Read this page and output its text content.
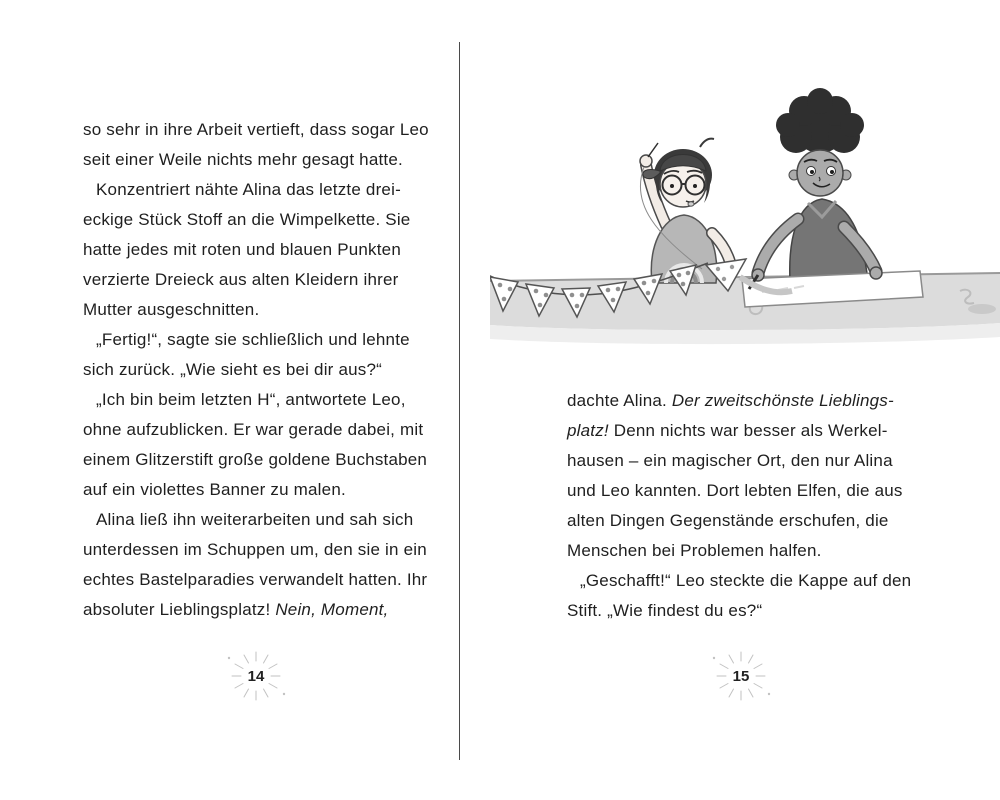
so sehr in ihre Arbeit vertieft, dass sogar Leo
seit einer Weile nichts mehr gesagt hatte.
Konzentriert nähte Alina das letzte drei-
eckige Stück Stoff an die Wimpelkette. Sie
hatte jedes mit roten und blauen Punkten
verzierte Dreieck aus alten Kleidern ihrer
Mutter ausgeschnitten.
„Fertig!“, sagte sie schließlich und lehnte
sich zurück. „Wie sieht es bei dir aus?“
„Ich bin beim letzten H“, antwortete Leo,
ohne aufzublicken. Er war gerade dabei, mit
einem Glitzerstift große goldene Buchstaben
auf ein violettes Banner zu malen.
Alina ließ ihn weiterarbeiten und sah sich
unterdessen im Schuppen um, den sie in ein
echtes Bastelparadies verwandelt hatten. Ihr
absoluter Lieblingsplatz! Nein, Moment,
14
dachte Alina. Der zweitschönste Lieblings-
platz! Denn nichts war besser als Werkel-
hausen – ein magischer Ort, den nur Alina
und Leo kannten. Dort lebten Elfen, die aus
alten Dingen Gegenstände erschufen, die
Menschen bei Problemen halfen.
„Geschafft!“ Leo steckte die Kappe auf den
Stift. „Wie findest du es?“
15
